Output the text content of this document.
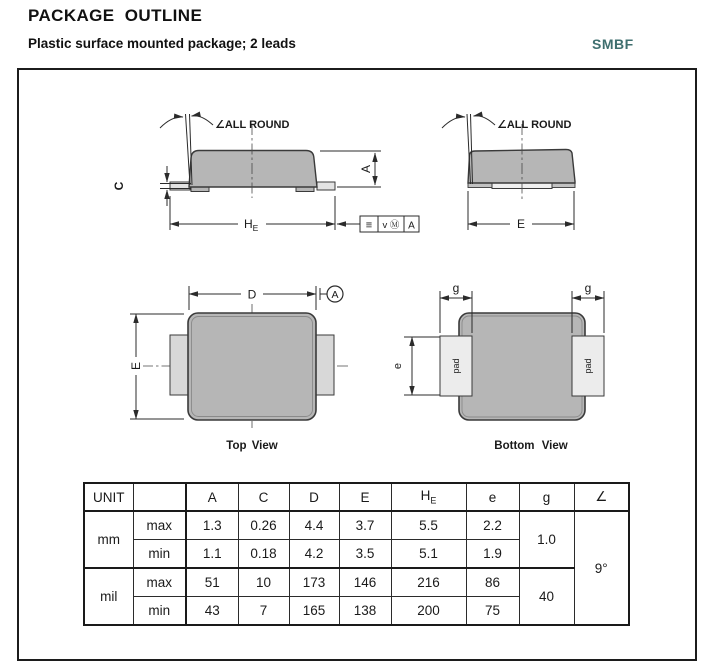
PACKAGE  OUTLINE
Plastic surface mounted package; 2 leads	SMBF
∠ALL ROUND
A
C
$H_E$	≡ v Ⓜ A
∠ALL ROUND
E
D	A
E
Top View
pad	pad
g	g
e
Bottom View
UNIT		A	C	D	E	$H_E$	e	g	∠
mm	max	1.3	0.26	4.4	3.7	5.5	2.2	1.0	9°
	min	1.1	0.18	4.2	3.5	5.1	1.9		
mil	max	51	10	173	146	216	86	40	
	min	43	7	165	138	200	75		
